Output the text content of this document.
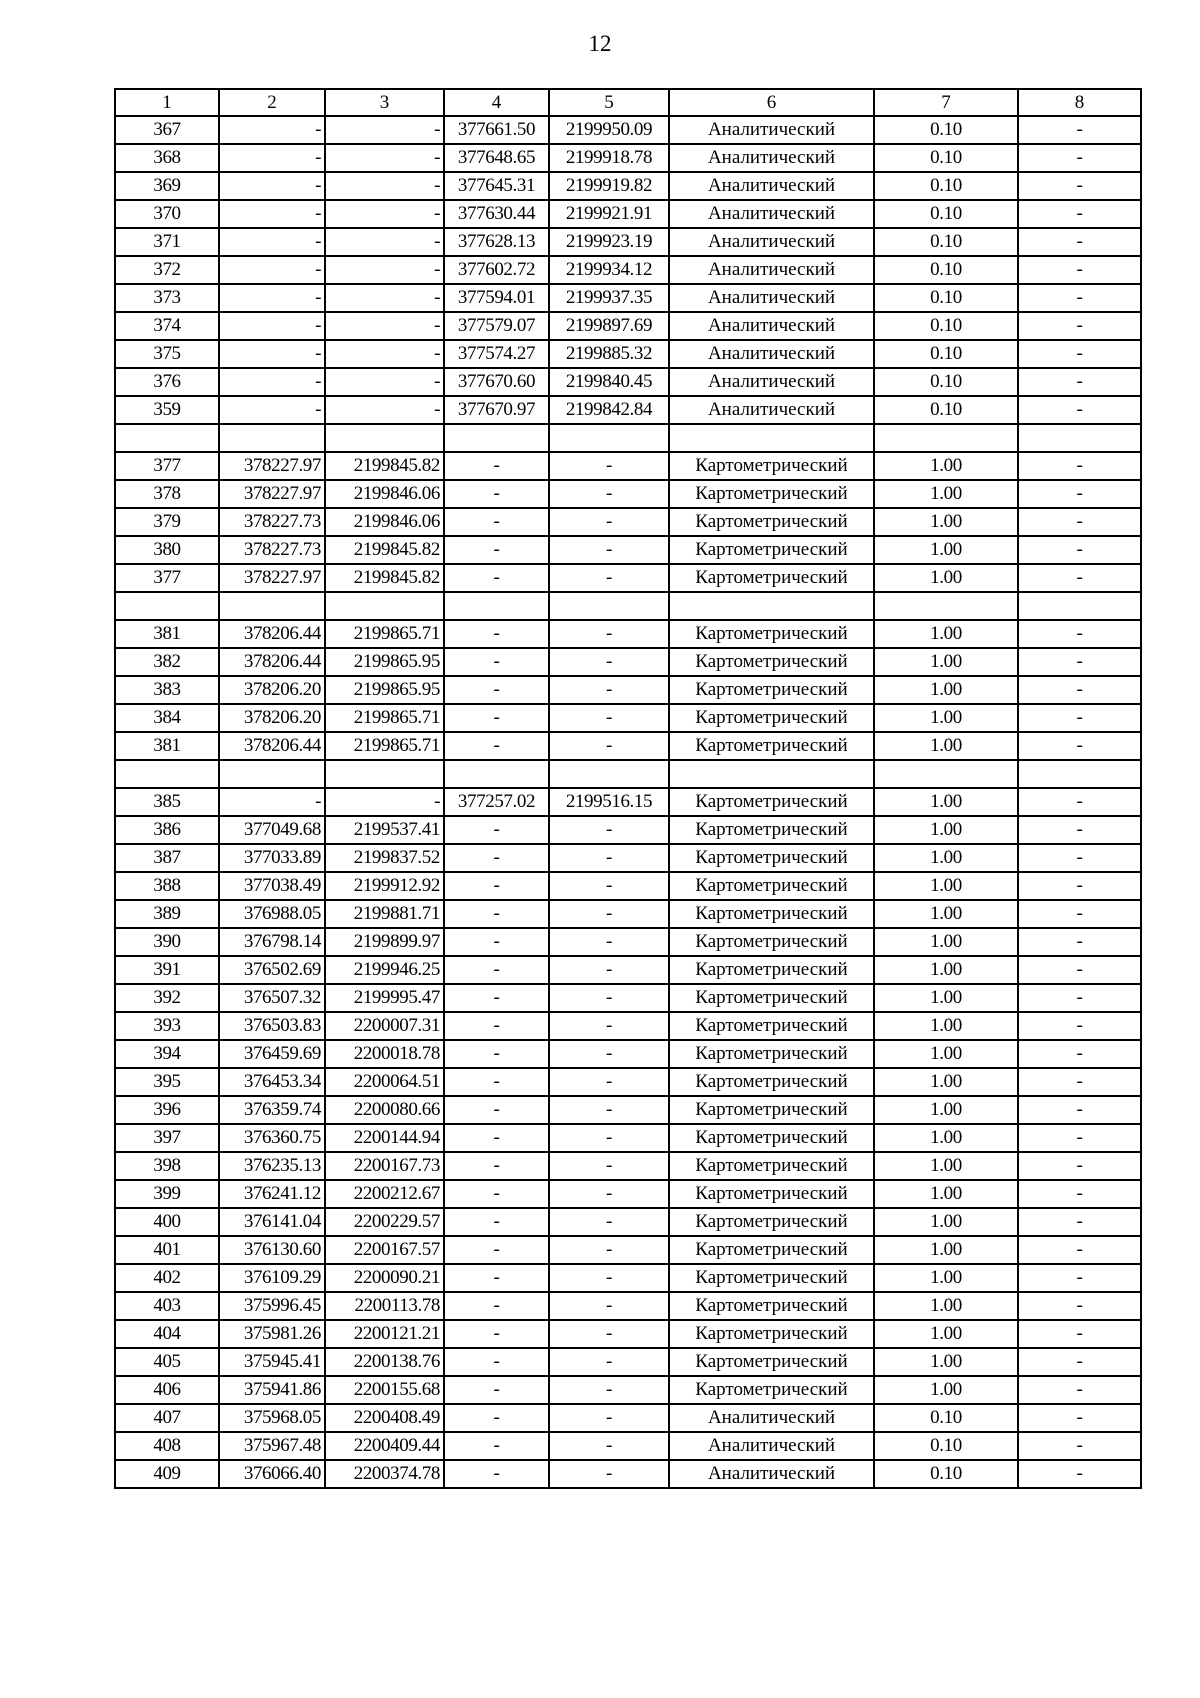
12
1	2	3	4	5	6	7	8
367	-	-	377661.50	2199950.09	Аналитический	0.10	-
368	-	-	377648.65	2199918.78	Аналитический	0.10	-
369	-	-	377645.31	2199919.82	Аналитический	0.10	-
370	-	-	377630.44	2199921.91	Аналитический	0.10	-
371	-	-	377628.13	2199923.19	Аналитический	0.10	-
372	-	-	377602.72	2199934.12	Аналитический	0.10	-
373	-	-	377594.01	2199937.35	Аналитический	0.10	-
374	-	-	377579.07	2199897.69	Аналитический	0.10	-
375	-	-	377574.27	2199885.32	Аналитический	0.10	-
376	-	-	377670.60	2199840.45	Аналитический	0.10	-
359	-	-	377670.97	2199842.84	Аналитический	0.10	-

377	378227.97	2199845.82	-	-	Картометрический	1.00	-
378	378227.97	2199846.06	-	-	Картометрический	1.00	-
379	378227.73	2199846.06	-	-	Картометрический	1.00	-
380	378227.73	2199845.82	-	-	Картометрический	1.00	-
377	378227.97	2199845.82	-	-	Картометрический	1.00	-

381	378206.44	2199865.71	-	-	Картометрический	1.00	-
382	378206.44	2199865.95	-	-	Картометрический	1.00	-
383	378206.20	2199865.95	-	-	Картометрический	1.00	-
384	378206.20	2199865.71	-	-	Картометрический	1.00	-
381	378206.44	2199865.71	-	-	Картометрический	1.00	-

385	-	-	377257.02	2199516.15	Картометрический	1.00	-
386	377049.68	2199537.41	-	-	Картометрический	1.00	-
387	377033.89	2199837.52	-	-	Картометрический	1.00	-
388	377038.49	2199912.92	-	-	Картометрический	1.00	-
389	376988.05	2199881.71	-	-	Картометрический	1.00	-
390	376798.14	2199899.97	-	-	Картометрический	1.00	-
391	376502.69	2199946.25	-	-	Картометрический	1.00	-
392	376507.32	2199995.47	-	-	Картометрический	1.00	-
393	376503.83	2200007.31	-	-	Картометрический	1.00	-
394	376459.69	2200018.78	-	-	Картометрический	1.00	-
395	376453.34	2200064.51	-	-	Картометрический	1.00	-
396	376359.74	2200080.66	-	-	Картометрический	1.00	-
397	376360.75	2200144.94	-	-	Картометрический	1.00	-
398	376235.13	2200167.73	-	-	Картометрический	1.00	-
399	376241.12	2200212.67	-	-	Картометрический	1.00	-
400	376141.04	2200229.57	-	-	Картометрический	1.00	-
401	376130.60	2200167.57	-	-	Картометрический	1.00	-
402	376109.29	2200090.21	-	-	Картометрический	1.00	-
403	375996.45	2200113.78	-	-	Картометрический	1.00	-
404	375981.26	2200121.21	-	-	Картометрический	1.00	-
405	375945.41	2200138.76	-	-	Картометрический	1.00	-
406	375941.86	2200155.68	-	-	Картометрический	1.00	-
407	375968.05	2200408.49	-	-	Аналитический	0.10	-
408	375967.48	2200409.44	-	-	Аналитический	0.10	-
409	376066.40	2200374.78	-	-	Аналитический	0.10	-
